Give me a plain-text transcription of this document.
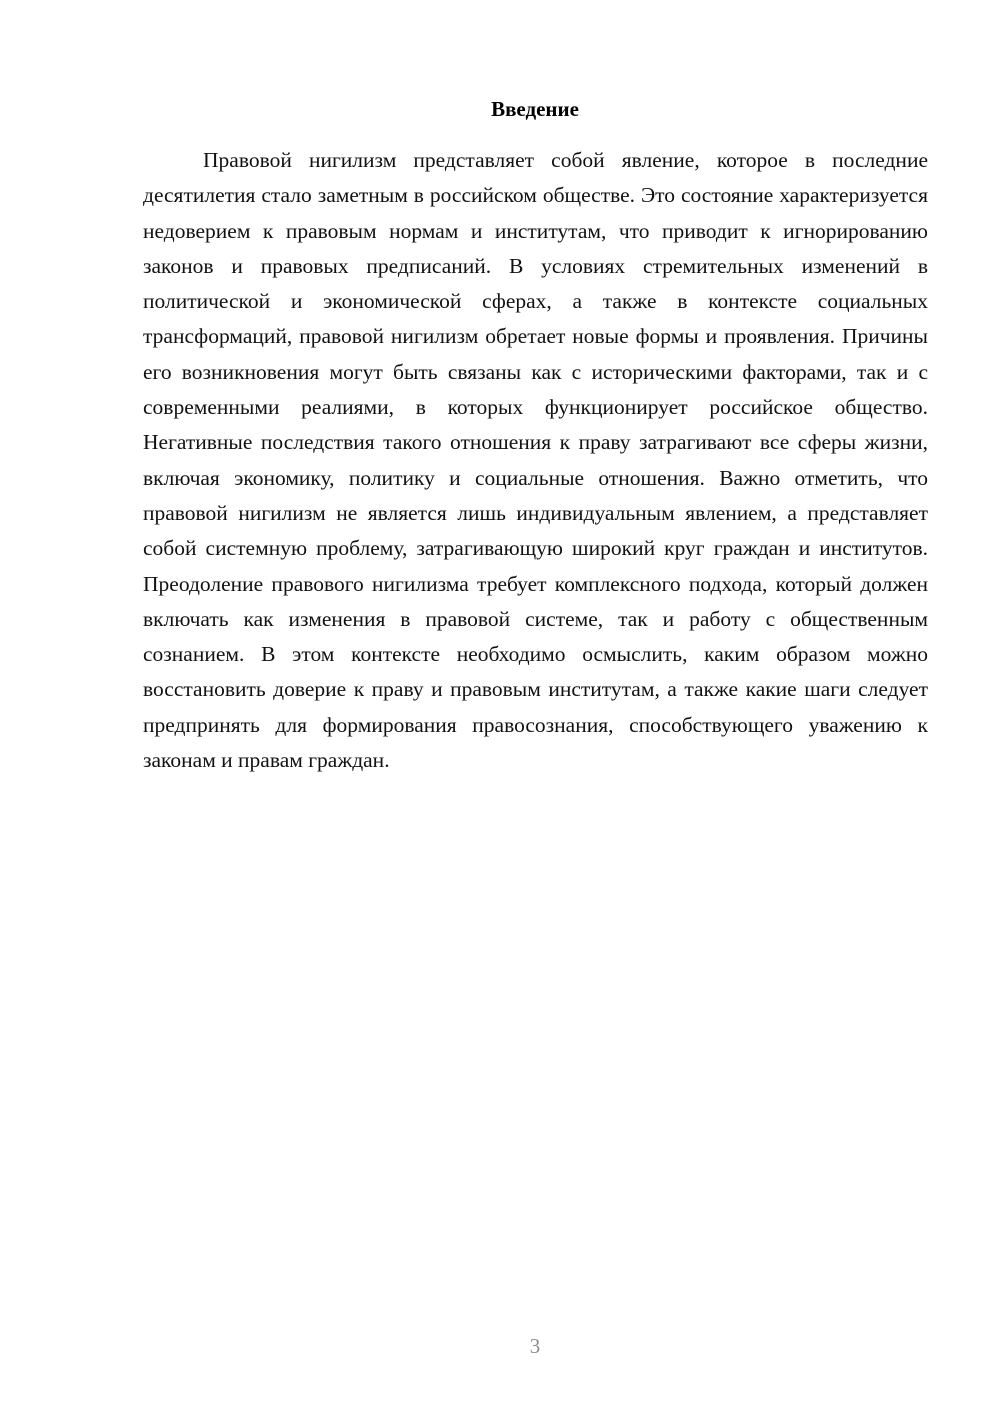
Введение

Правовой нигилизм представляет собой явление, которое в последние десятилетия стало заметным в российском обществе. Это состояние характеризуется недоверием к правовым нормам и институтам, что приводит к игнорированию законов и правовых предписаний. В условиях стремительных изменений в политической и экономической сферах, а также в контексте социальных трансформаций, правовой нигилизм обретает новые формы и проявления. Причины его возникновения могут быть связаны как с историческими факторами, так и с современными реалиями, в которых функционирует российское общество. Негативные последствия такого отношения к праву затрагивают все сферы жизни, включая экономику, политику и социальные отношения. Важно отметить, что правовой нигилизм не является лишь индивидуальным явлением, а представляет собой системную проблему, затрагивающую широкий круг граждан и институтов. Преодоление правового нигилизма требует комплексного подхода, который должен включать как изменения в правовой системе, так и работу с общественным сознанием. В этом контексте необходимо осмыслить, каким образом можно восстановить доверие к праву и правовым институтам, а также какие шаги следует предпринять для формирования правосознания, способствующего уважению к законам и правам граждан.

3
